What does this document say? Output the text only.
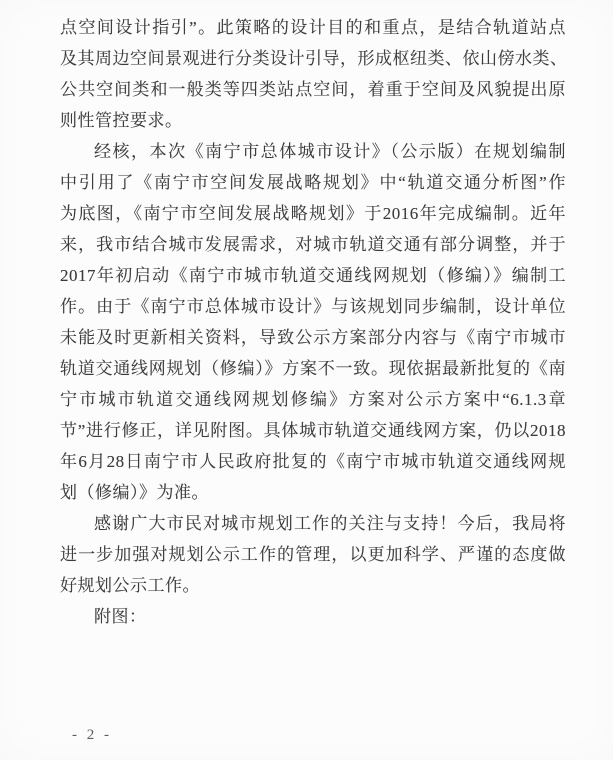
点空间设计指引”。此策略的设计目的和重点，是结合轨道站点
及其周边空间景观进行分类设计引导，形成枢纽类、依山傍水类、
公共空间类和一般类等四类站点空间，着重于空间及风貌提出原
则性管控要求。
经核，本次《南宁市总体城市设计》（公示版）在规划编制
中引用了《南宁市空间发展战略规划》中“轨道交通分析图”作
为底图，《南宁市空间发展战略规划》于2016年完成编制。近年
来，我市结合城市发展需求，对城市轨道交通有部分调整，并于
2017年初启动《南宁市城市轨道交通线网规划（修编）》编制工
作。由于《南宁市总体城市设计》与该规划同步编制，设计单位
未能及时更新相关资料，导致公示方案部分内容与《南宁市城市
轨道交通线网规划（修编）》方案不一致。现依据最新批复的《南
宁市城市轨道交通线网规划修编》方案对公示方案中“6.1.3章
节”进行修正，详见附图。具体城市轨道交通线网方案，仍以2018
年6月28日南宁市人民政府批复的《南宁市城市轨道交通线网规
划（修编）》为准。
感谢广大市民对城市规划工作的关注与支持！今后，我局将
进一步加强对规划公示工作的管理，以更加科学、严谨的态度做
好规划公示工作。
附图：
- 2 -
